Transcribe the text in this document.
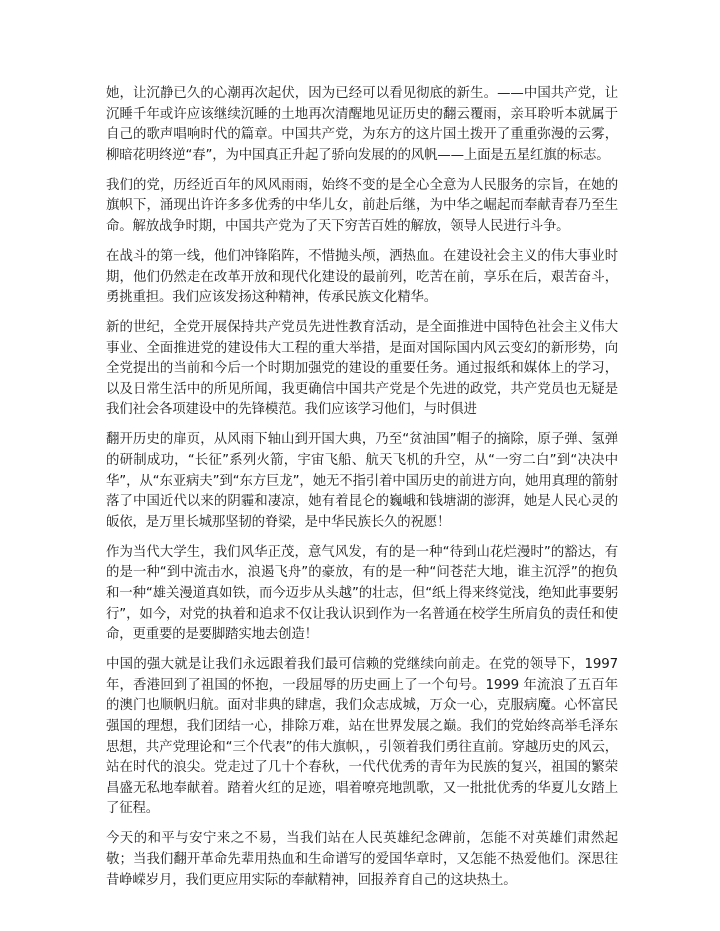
她，让沉静已久的心潮再次起伏，因为已经可以看见彻底的新生。——中国共产党，让沉睡千年或许应该继续沉睡的土地再次清醒地见证历史的翻云覆雨，亲耳聆听本就属于自己的歌声唱响时代的篇章。中国共产党，为东方的这片国土拨开了重重弥漫的云雾，柳暗花明终逆“春”，为中国真正升起了骄向发展的的风帆——上面是五星红旗的标志。

我们的党，历经近百年的风风雨雨，始终不变的是全心全意为人民服务的宗旨，在她的旗帜下，涌现出许许多多优秀的中华儿女，前赴后继，为中华之崛起而奉献青春乃至生命。解放战争时期，中国共产党为了天下穷苦百姓的解放，领导人民进行斗争。

在战斗的第一线，他们冲锋陷阵，不惜抛头颅，洒热血。在建设社会主义的伟大事业时期，他们仍然走在改革开放和现代化建设的最前列，吃苦在前，享乐在后，艰苦奋斗，勇挑重担。我们应该发扬这种精神，传承民族文化精华。

新的世纪，全党开展保持共产党员先进性教育活动，是全面推进中国特色社会主义伟大事业、全面推进党的建设伟大工程的重大举措，是面对国际国内风云变幻的新形势，向全党提出的当前和今后一个时期加强党的建设的重要任务。通过报纸和媒体上的学习，以及日常生活中的所见所闻，我更确信中国共产党是个先进的政党，共产党员也无疑是我们社会各项建设中的先锋模范。我们应该学习他们，与时俱进

翻开历史的扉页，从风雨下轴山到开国大典，乃至“贫油国”帽子的摘除，原子弹、氢弹的研制成功，“长征”系列火箭，宇宙飞船、航天飞机的升空，从“一穷二白”到“决决中华”，从“东亚病夫”到“东方巨龙”，她无不指引着中国历史的前进方向，她用真理的箭射落了中国近代以来的阴霾和凄凉，她有着昆仑的巍峨和钱塘湖的澎湃，她是人民心灵的皈依，是万里长城那坚韧的脊梁，是中华民族长久的祝愿！

作为当代大学生，我们风华正茂，意气风发，有的是一种“待到山花烂漫时”的豁达，有的是一种“到中流击水，浪遏飞舟”的豪放，有的是一种“问苍茫大地，谁主沉浮”的抱负和一种“雄关漫道真如铁，而今迈步从头越”的壮志，但“纸上得来终觉浅，绝知此事要躬行”，如今，对党的执着和追求不仅让我认识到作为一名普通在校学生所肩负的责任和使命，更重要的是要脚踏实地去创造！

中国的强大就是让我们永远跟着我们最可信赖的党继续向前走。在党的领导下，1997 年，香港回到了祖国的怀抱，一段屈辱的历史画上了一个句号。1999 年流浪了五百年的澳门也顺帆归航。面对非典的肆虐，我们众志成城，万众一心，克服病魔。心怀富民强国的理想，我们团结一心，排除万难，站在世界发展之巅。我们的党始终高举毛泽东思想，共产党理论和“三个代表”的伟大旗帜，，引领着我们勇往直前。穿越历史的风云，站在时代的浪尖。党走过了几十个春秋，一代代优秀的青年为民族的复兴，祖国的繁荣昌盛无私地奉献着。踏着火红的足迹，唱着嘹亮地凯歌，又一批批优秀的华夏儿女踏上了征程。

今天的和平与安宁来之不易，当我们站在人民英雄纪念碑前，怎能不对英雄们肃然起敬；当我们翻开革命先辈用热血和生命谱写的爱国华章时，又怎能不热爱他们。深思往昔峥嵘岁月，我们更应用实际的奉献精神，回报养育自己的这块热土。
